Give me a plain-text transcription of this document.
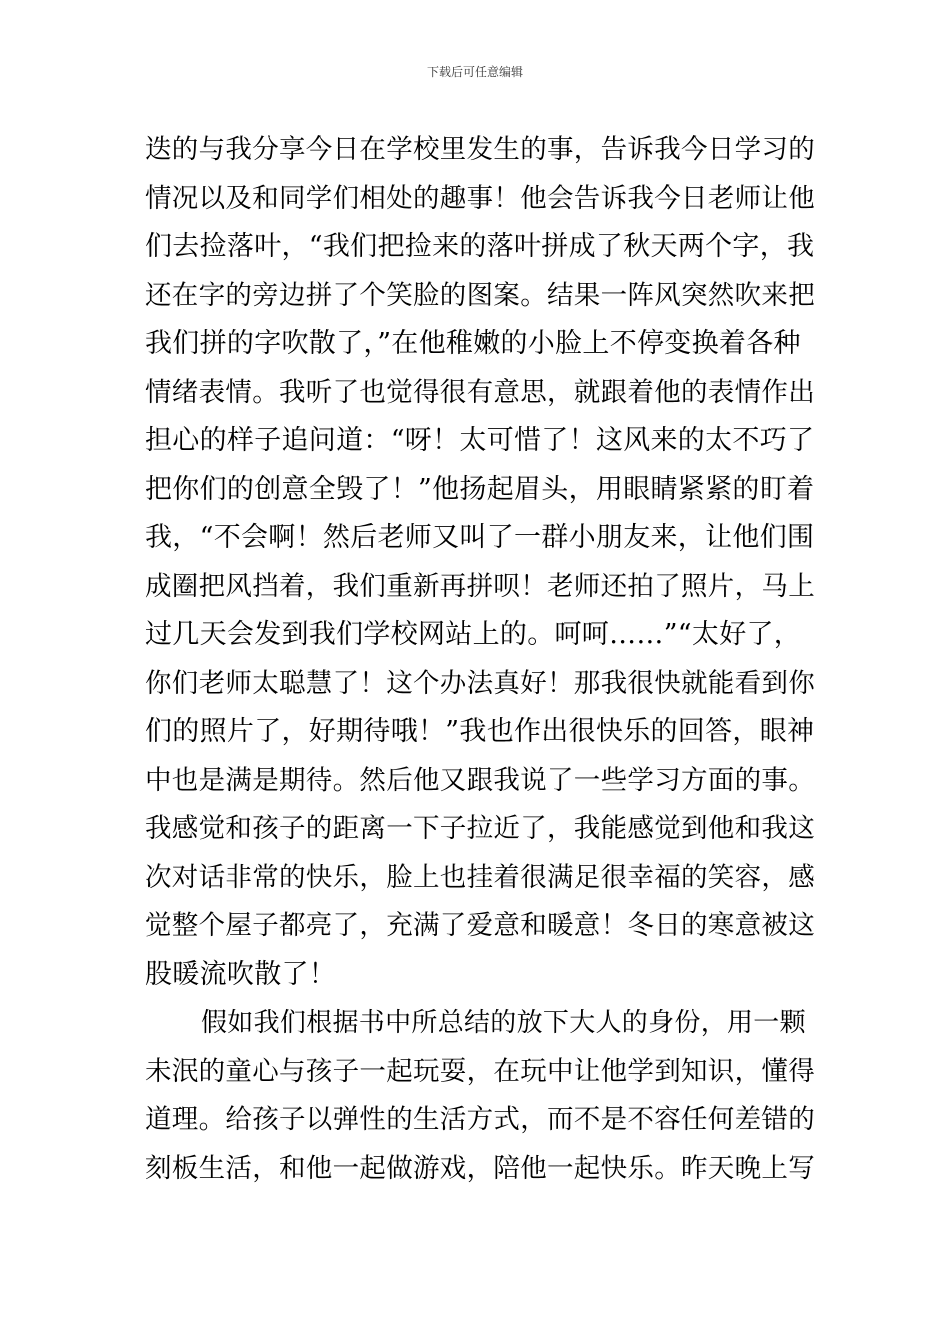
下载后可任意编辑
迭的与我分享今日在学校里发生的事，告诉我今日学习的
情况以及和同学们相处的趣事！他会告诉我今日老师让他
们去捡落叶，“我们把捡来的落叶拼成了秋天两个字，我
还在字的旁边拼了个笑脸的图案。结果一阵风突然吹来把
我们拼的字吹散了，”在他稚嫩的小脸上不停变换着各种
情绪表情。我听了也觉得很有意思，就跟着他的表情作出
担心的样子追问道：“呀！太可惜了！这风来的太不巧了
把你们的创意全毁了！”他扬起眉头，用眼睛紧紧的盯着
我，“不会啊！然后老师又叫了一群小朋友来，让他们围
成圈把风挡着，我们重新再拼呗！老师还拍了照片，马上
过几天会发到我们学校网站上的。呵呵……”“太好了，
你们老师太聪慧了！这个办法真好！那我很快就能看到你
们的照片了，好期待哦！”我也作出很快乐的回答，眼神
中也是满是期待。然后他又跟我说了一些学习方面的事。
我感觉和孩子的距离一下子拉近了，我能感觉到他和我这
次对话非常的快乐，脸上也挂着很满足很幸福的笑容，感
觉整个屋子都亮了，充满了爱意和暖意！冬日的寒意被这
股暖流吹散了！
假如我们根据书中所总结的放下大人的身份，用一颗
未泯的童心与孩子一起玩耍，在玩中让他学到知识，懂得
道理。给孩子以弹性的生活方式，而不是不容任何差错的
刻板生活，和他一起做游戏，陪他一起快乐。昨天晚上写
